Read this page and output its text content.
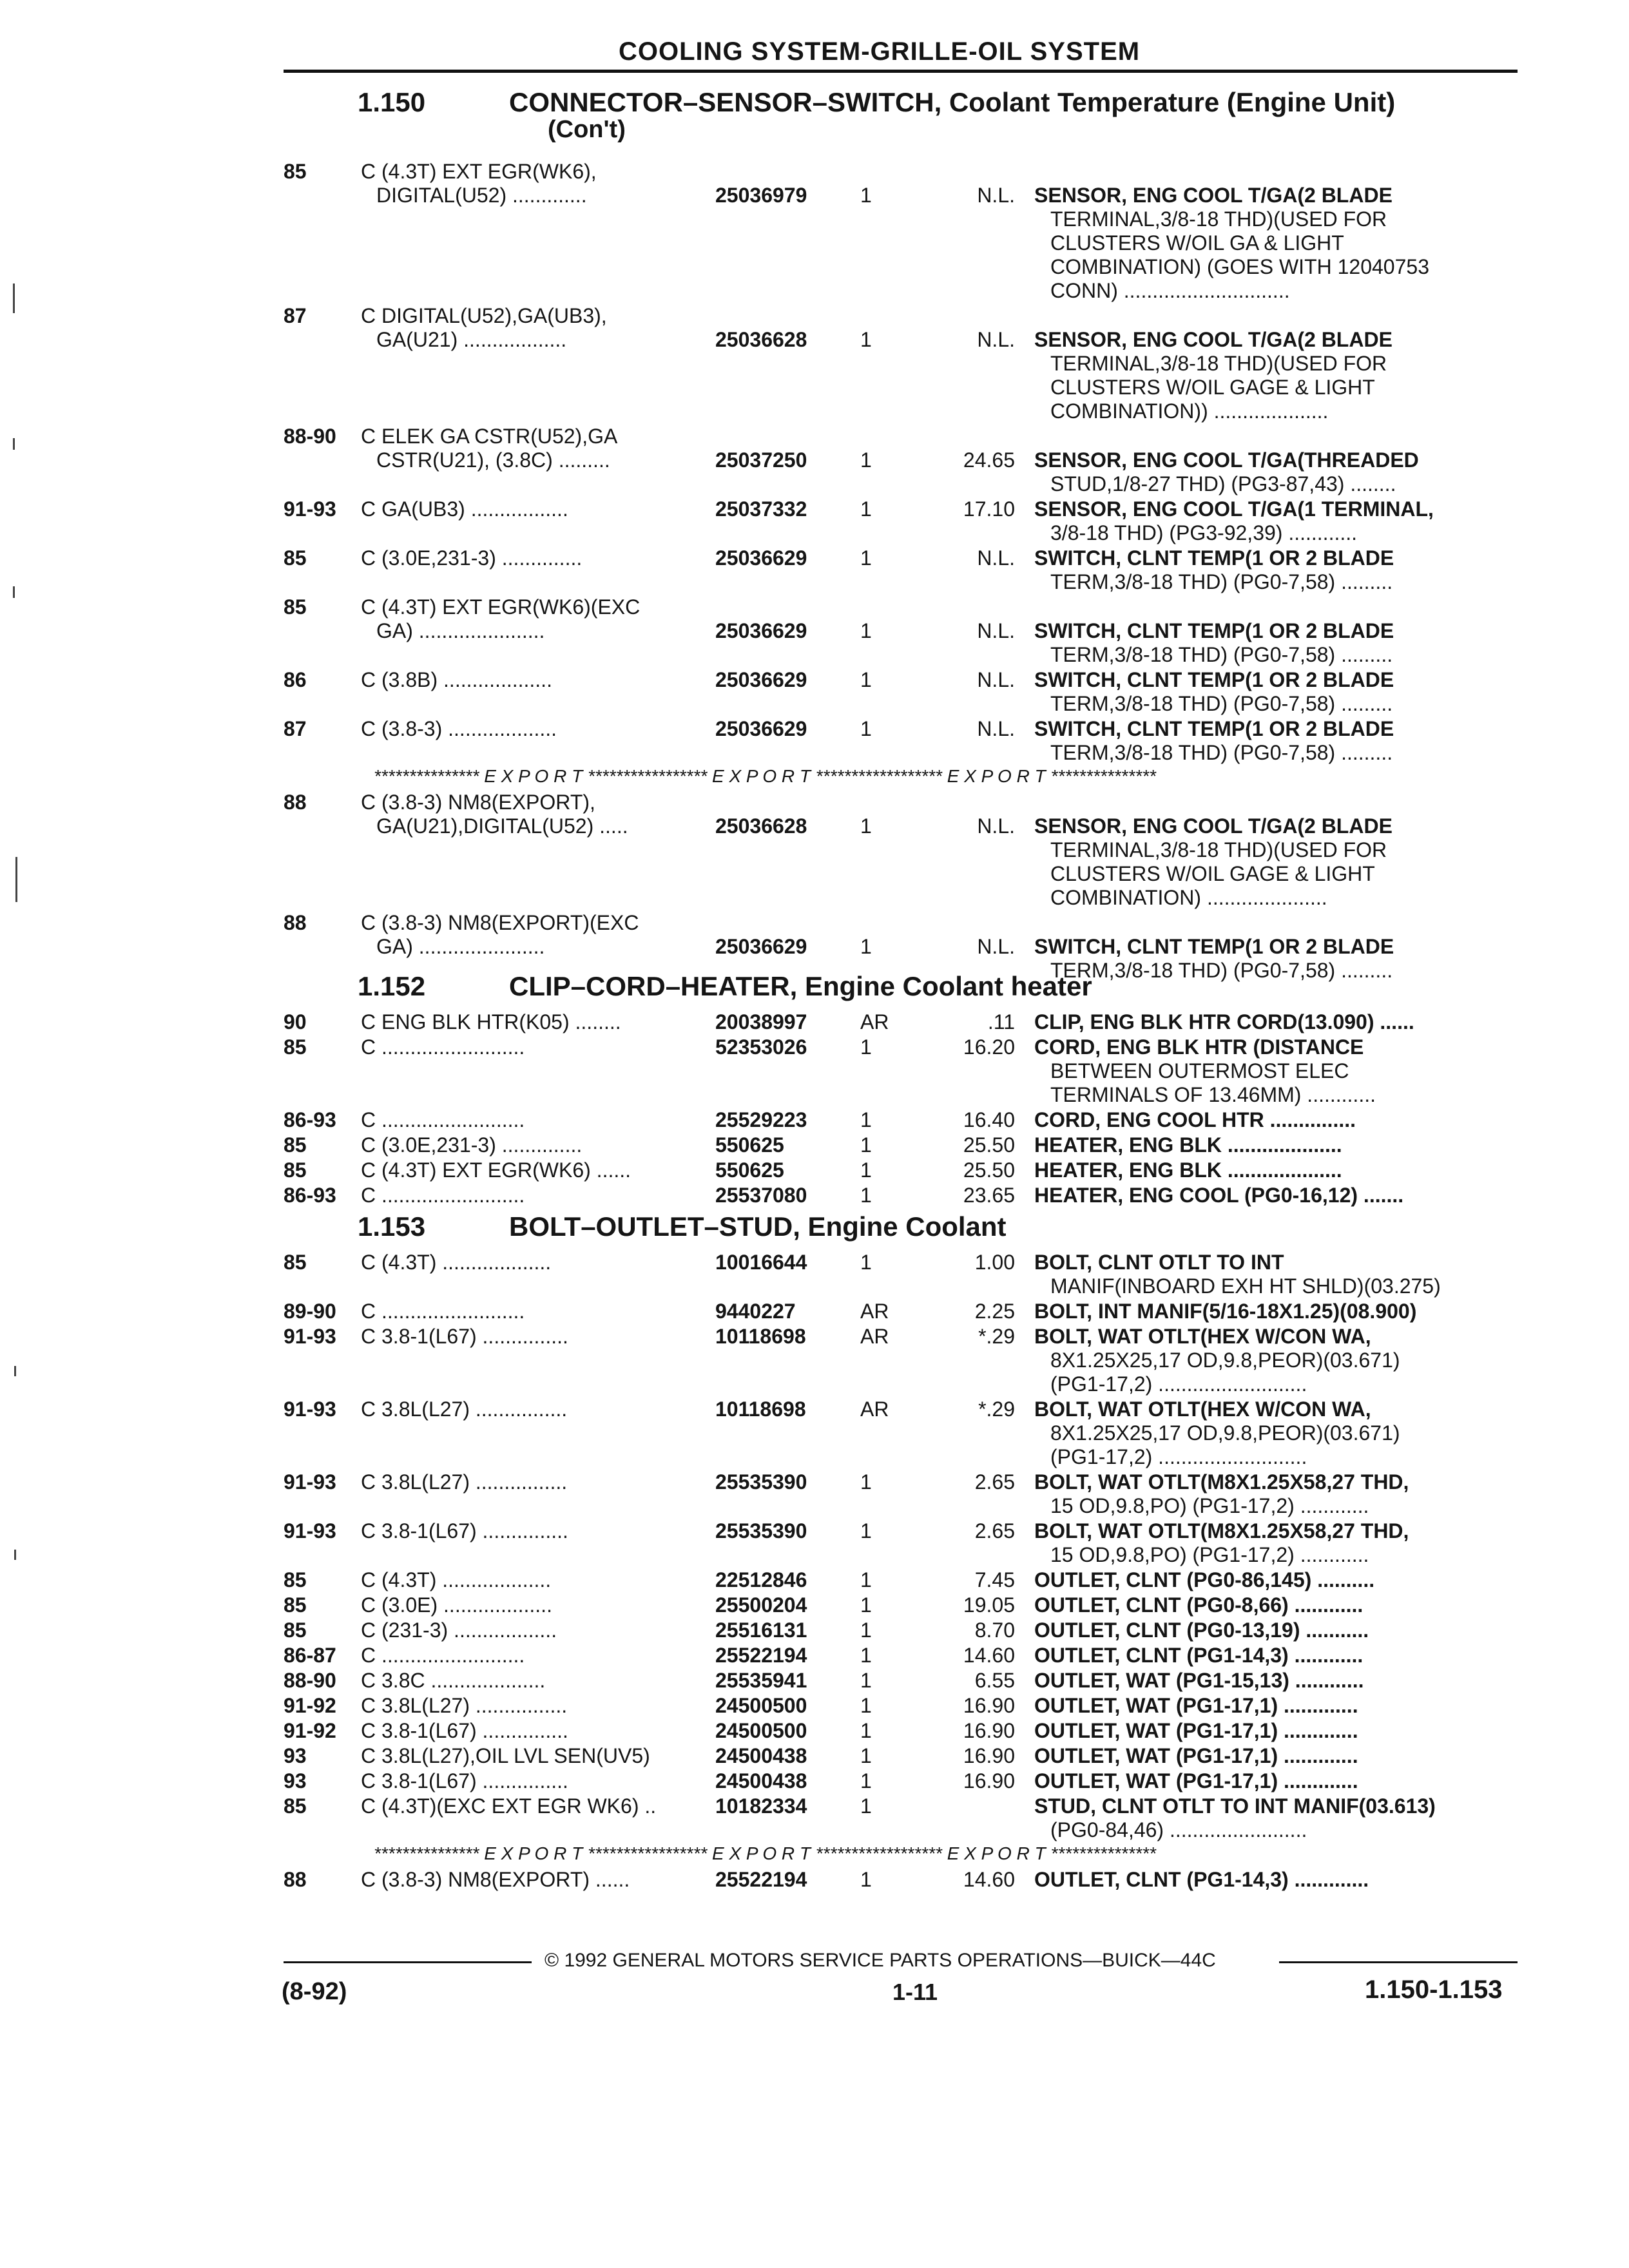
COOLING SYSTEM-GRILLE-OIL SYSTEM
1.150	CONNECTOR–SENSOR–SWITCH, Coolant Temperature (Engine Unit)
(Con't)
85	C (4.3T) EXT EGR(WK6),
DIGITAL(U52) .............	25036979	1	N.L. SENSOR, ENG COOL T/GA(2 BLADE
TERMINAL,3/8-18 THD)(USED FOR
CLUSTERS W/OIL GA & LIGHT
COMBINATION) (GOES WITH 12040753
CONN) .............................
87	C DIGITAL(U52),GA(UB3),
GA(U21) ..................	25036628	1	N.L. SENSOR, ENG COOL T/GA(2 BLADE
TERMINAL,3/8-18 THD)(USED FOR
CLUSTERS W/OIL GAGE & LIGHT
COMBINATION)) ....................
88-90 C ELEK GA CSTR(U52),GA
CSTR(U21), (3.8C) .........	25037250	1	24.65 SENSOR, ENG COOL T/GA(THREADED
STUD,1/8-27 THD) (PG3-87,43) ........
91-93 C GA(UB3) .................	25037332	1	17.10 SENSOR, ENG COOL T/GA(1 TERMINAL,
3/8-18 THD) (PG3-92,39) ............
85	C (3.0E,231-3) ..............	25036629	1	N.L. SWITCH, CLNT TEMP(1 OR 2 BLADE
TERM,3/8-18 THD) (PG0-7,58) .........
85	C (4.3T) EXT EGR(WK6)(EXC
GA) ......................	25036629	1	N.L. SWITCH, CLNT TEMP(1 OR 2 BLADE
TERM,3/8-18 THD) (PG0-7,58) .........
86	C (3.8B) ...................	25036629	1	N.L. SWITCH, CLNT TEMP(1 OR 2 BLADE
TERM,3/8-18 THD) (PG0-7,58) .........
87	C (3.8-3) ...................	25036629	1	N.L. SWITCH, CLNT TEMP(1 OR 2 BLADE
TERM,3/8-18 THD) (PG0-7,58) .........
*************** E X P O R T ***************** E X P O R T ****************** E X P O R T ***************
88	C (3.8-3) NM8(EXPORT),
GA(U21),DIGITAL(U52) .....	25036628	1	N.L. SENSOR, ENG COOL T/GA(2 BLADE
TERMINAL,3/8-18 THD)(USED FOR
CLUSTERS W/OIL GAGE & LIGHT
COMBINATION) .....................
88	C (3.8-3) NM8(EXPORT)(EXC
GA) ......................	25036629	1	N.L. SWITCH, CLNT TEMP(1 OR 2 BLADE
TERM,3/8-18 THD) (PG0-7,58) .........
1.152	CLIP–CORD–HEATER, Engine Coolant heater
90	C ENG BLK HTR(K05) ........	20038997	AR	.11 CLIP, ENG BLK HTR CORD(13.090) ......
85	C .........................	52353026	1	16.20 CORD, ENG BLK HTR (DISTANCE
BETWEEN OUTERMOST ELEC
TERMINALS OF 13.46MM) ............
86-93 C .........................	25529223	1	16.40 CORD, ENG COOL HTR ...............
85	C (3.0E,231-3) ..............	550625	1	25.50 HEATER, ENG BLK ....................
85	C (4.3T) EXT EGR(WK6) ......	550625	1	25.50 HEATER, ENG BLK ....................
86-93 C .........................	25537080	1	23.65 HEATER, ENG COOL (PG0-16,12) .......
1.153	BOLT–OUTLET–STUD, Engine Coolant
85	C (4.3T) ...................	10016644	1	1.00 BOLT, CLNT OTLT TO INT
MANIF(INBOARD EXH HT SHLD)(03.275)
89-90 C .........................	9440227	AR	2.25 BOLT, INT MANIF(5/16-18X1.25)(08.900)
91-93 C 3.8-1(L67) ...............	10118698	AR	*.29 BOLT, WAT OTLT(HEX W/CON WA,
8X1.25X25,17 OD,9.8,PEOR)(03.671)
(PG1-17,2) ..........................
91-93 C 3.8L(L27) ................	10118698	AR	*.29 BOLT, WAT OTLT(HEX W/CON WA,
8X1.25X25,17 OD,9.8,PEOR)(03.671)
(PG1-17,2) ..........................
91-93 C 3.8L(L27) ................	25535390	1	2.65 BOLT, WAT OTLT(M8X1.25X58,27 THD,
15 OD,9.8,PO) (PG1-17,2) ............
91-93 C 3.8-1(L67) ...............	25535390	1	2.65 BOLT, WAT OTLT(M8X1.25X58,27 THD,
15 OD,9.8,PO) (PG1-17,2) ............
85	C (4.3T) ...................	22512846	1	7.45 OUTLET, CLNT (PG0-86,145) ..........
85	C (3.0E) ...................	25500204	1	19.05 OUTLET, CLNT (PG0-8,66) ............
85	C (231-3) ..................	25516131	1	8.70 OUTLET, CLNT (PG0-13,19) ...........
86-87 C .........................	25522194	1	14.60 OUTLET, CLNT (PG1-14,3) ............
88-90 C 3.8C ....................	25535941	1	6.55 OUTLET, WAT (PG1-15,13) ............
91-92 C 3.8L(L27) ................	24500500	1	16.90 OUTLET, WAT (PG1-17,1) .............
91-92 C 3.8-1(L67) ...............	24500500	1	16.90 OUTLET, WAT (PG1-17,1) .............
93	C 3.8L(L27),OIL LVL SEN(UV5)	24500438	1	16.90 OUTLET, WAT (PG1-17,1) .............
93	C 3.8-1(L67) ...............	24500438	1	16.90 OUTLET, WAT (PG1-17,1) .............
85	C (4.3T)(EXC EXT EGR WK6) ..	10182334	1	STUD, CLNT OTLT TO INT MANIF(03.613)
(PG0-84,46) ........................
*************** E X P O R T ***************** E X P O R T ****************** E X P O R T ***************
88	C (3.8-3) NM8(EXPORT) ......	25522194	1	14.60 OUTLET, CLNT (PG1-14,3) .............
© 1992 GENERAL MOTORS SERVICE PARTS OPERATIONS—BUICK—44C
(8-92)	1-11	1.150-1.153
